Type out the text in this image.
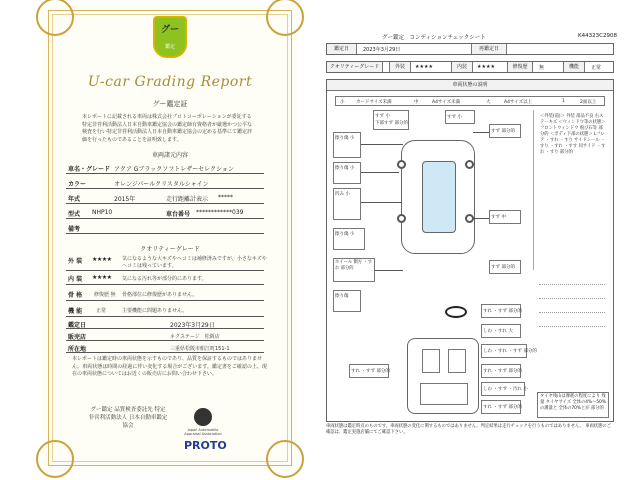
グー
鑑定
U-car Grading Report
グー鑑定証
本レポートに記載される車両は株式会社プロトコーポレーションが委託する特定非営利活動法人日本自動車鑑定協会の鑑定師有資格者が厳選かつ公平な検査を行い特定非営利活動法人日本自動車鑑定協会の定める基準にて鑑定評価を行ったものであることを証明致します。
車両諸元内容
車名・グレード アクア Gブラックソフトレザーセレクション
カラー	オレンジパールクリスタルシャイン
年式	2015年	走行距離計表示 *****
型式 NHP10	車台番号 ************039
備考
クオリティーグレード
外 装 ★★★★ 気になるような大キズやヘコミは補修済みですが、小さなキズや
ヘコミは残っています。
内 装 ★★★★ 気になる汚れ等が部分的にあります。
骨 格 修復歴 無 骨格部位に修復歴がありません。
機 能	正常	主要機能に問題ありません。
鑑定日	2023年3月29日
販売店	ネクステージ　松阪店
所在地	三重県松阪市船江町151-1
本レポートは鑑定時の車両状態を示すものであり、品質を保証するものではありません。車両状態は時間の経過に伴い変化する場合がございます。鑑定書をご確認の上、現在の車両状態についてはお近くの販売店にお問い合わせ下さい。
グー鑑定 品質検査委託先 特定非営利活動法人 日本自動車鑑定協会
Japan Automobile Appraisal Association
PROTO
グー鑑定　コンディションチェックシート	K44323C2908
鑑定日	2023年3月29日	再鑑定日
クオリティーグレード	外装	★★★★	内装	★★★★	修復歴	無	機能	正常
車両状態の説明
小	カードサイズ未満	中	A4サイズ未満	大	A4サイズ以上	1	2面以上
擦り傷 小
擦り傷 小
凹み 小
擦り傷 小
ホイール 側方 ・すれ 部分的
擦り傷
すず 小
下部すず 部分的
すず 小
すず 部分的
すず 中
すず 部分的
すれ ・すず 部分的
しわ ・すれ 大
しわ ・すれ ・すず 部分的
すれ ・すず 部分的
しわ ・すず ・汚れ 小
すれ ・すず 部分的
すれ ・すず 部分的
＜外装(前)＞ 外装 部品不良 右ステーキズ ＜ウィンドウ等の状態＞ フロントウィンドウ 飛び石等 部分的 ＜ボディ下部の状態＞ Lフレア ・すれ ・すり サイドシール ・すり ・すれ ・すす 同サイド ・すれ ・すり 部分的
タイヤ残山は摩耗の程度により 残量 タイヤサイズ 全体の4%〜50%の溝量と 全体の70%とが 部分的
車両状態は鑑定時点のものです。車両状態の変化に関するものではありません。判定結果は走行チェックを行うものではありません。 車両状態のご確認は、鑑定実施店舗にてご確認下さい。
